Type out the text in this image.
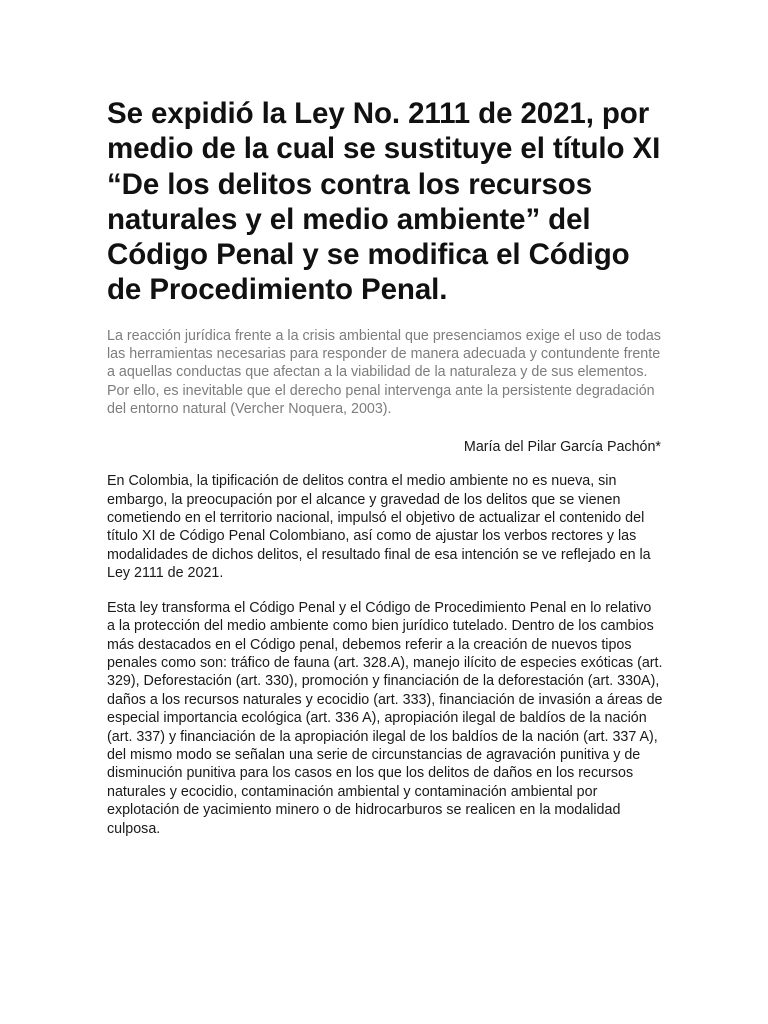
Se expidió la Ley No. 2111 de 2021, por medio de la cual se sustituye el título XI “De los delitos contra los recursos naturales y el medio ambiente” del Código Penal y se modifica el Código de Procedimiento Penal.

La reacción jurídica frente a la crisis ambiental que presenciamos exige el uso de todas las herramientas necesarias para responder de manera adecuada y contundente frente a aquellas conductas que afectan a la viabilidad de la naturaleza y de sus elementos. Por ello, es inevitable que el derecho penal intervenga ante la persistente degradación del entorno natural (Vercher Noquera, 2003).

María del Pilar García Pachón*

En Colombia, la tipificación de delitos contra el medio ambiente no es nueva, sin embargo, la preocupación por el alcance y gravedad de los delitos que se vienen cometiendo en el territorio nacional, impulsó el objetivo de actualizar el contenido del título XI de Código Penal Colombiano, así como de ajustar los verbos rectores y las modalidades de dichos delitos, el resultado final de esa intención se ve reflejado en la Ley 2111 de 2021.

Esta ley transforma el Código Penal y el Código de Procedimiento Penal en lo relativo a la protección del medio ambiente como bien jurídico tutelado. Dentro de los cambios más destacados en el Código penal, debemos referir a la creación de nuevos tipos penales como son: tráfico de fauna (art. 328.A), manejo ilícito de especies exóticas (art. 329), Deforestación (art. 330), promoción y financiación de la deforestación (art. 330A), daños a los recursos naturales y ecocidio (art. 333), financiación de invasión a áreas de especial importancia ecológica (art. 336 A), apropiación ilegal de baldíos de la nación (art. 337) y financiación de la apropiación ilegal de los baldíos de la nación (art. 337 A), del mismo modo se señalan una serie de circunstancias de agravación punitiva y de disminución punitiva para los casos en los que los delitos de daños en los recursos naturales y ecocidio, contaminación ambiental y contaminación ambiental por explotación de yacimiento minero o de hidrocarburos se realicen en la modalidad culposa.
